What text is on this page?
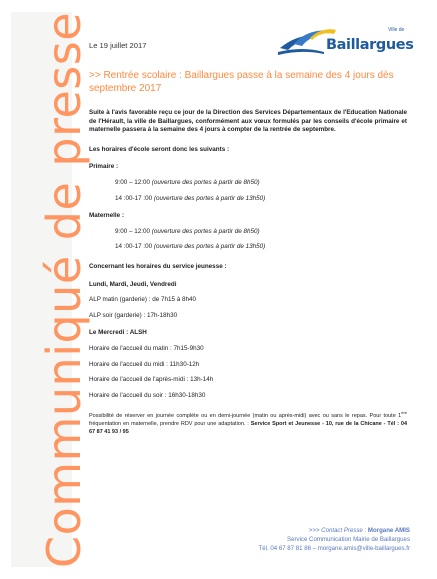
Communiqué de presse
Le 19 juillet 2017
Ville de
Baillargues
>> Rentrée scolaire : Baillargues passe à la semaine des 4 jours dès septembre 2017

Suite à l'avis favorable reçu ce jour de la Direction des Services Départementaux de l'Education Nationale de l'Hérault, la ville de Baillargues, conformément aux vœux formulés par les conseils d'école primaire et maternelle passera à la semaine des 4 jours à compter de la rentrée de septembre.

Les horaires d'école seront donc les suivants :
Primaire :
9:00 – 12:00 (ouverture des portes à partir de 8h50)
14 :00-17 :00 (ouverture des portes à partir de 13h50)
Maternelle :
9:00 – 12:00 (ouverture des portes à partir de 8h50)
14 :00-17 :00 (ouverture des portes à partir de 13h50)
Concernant les horaires du service jeunesse :
Lundi, Mardi, Jeudi, Vendredi
ALP matin (garderie) : de 7h15 à 8h40
ALP soir (garderie) : 17h-18h30
Le Mercredi : ALSH
Horaire de l'accueil du matin : 7h15-9h30
Horaire de l'accueil du midi : 11h30-12h
Horaire de l'accueil de l'après-midi : 13h-14h
Horaire de l'accueil du soir : 16h30-18h30
Possibilité de réserver en journée complète ou en demi-journée (matin ou après-midi) avec ou sans le repas. Pour toute 1ère fréquentation en maternelle, prendre RDV pour une adaptation. : Service Sport et Jeunesse - 10, rue de la Chicane - Tél : 04 67 87 41 93 / 95
>>> Contact Presse : Morgane AMIS
Service Communication Mairie de Baillargues
Tél. 04 67 87 81 86 – morgane.amis@ville-baillargues.fr
